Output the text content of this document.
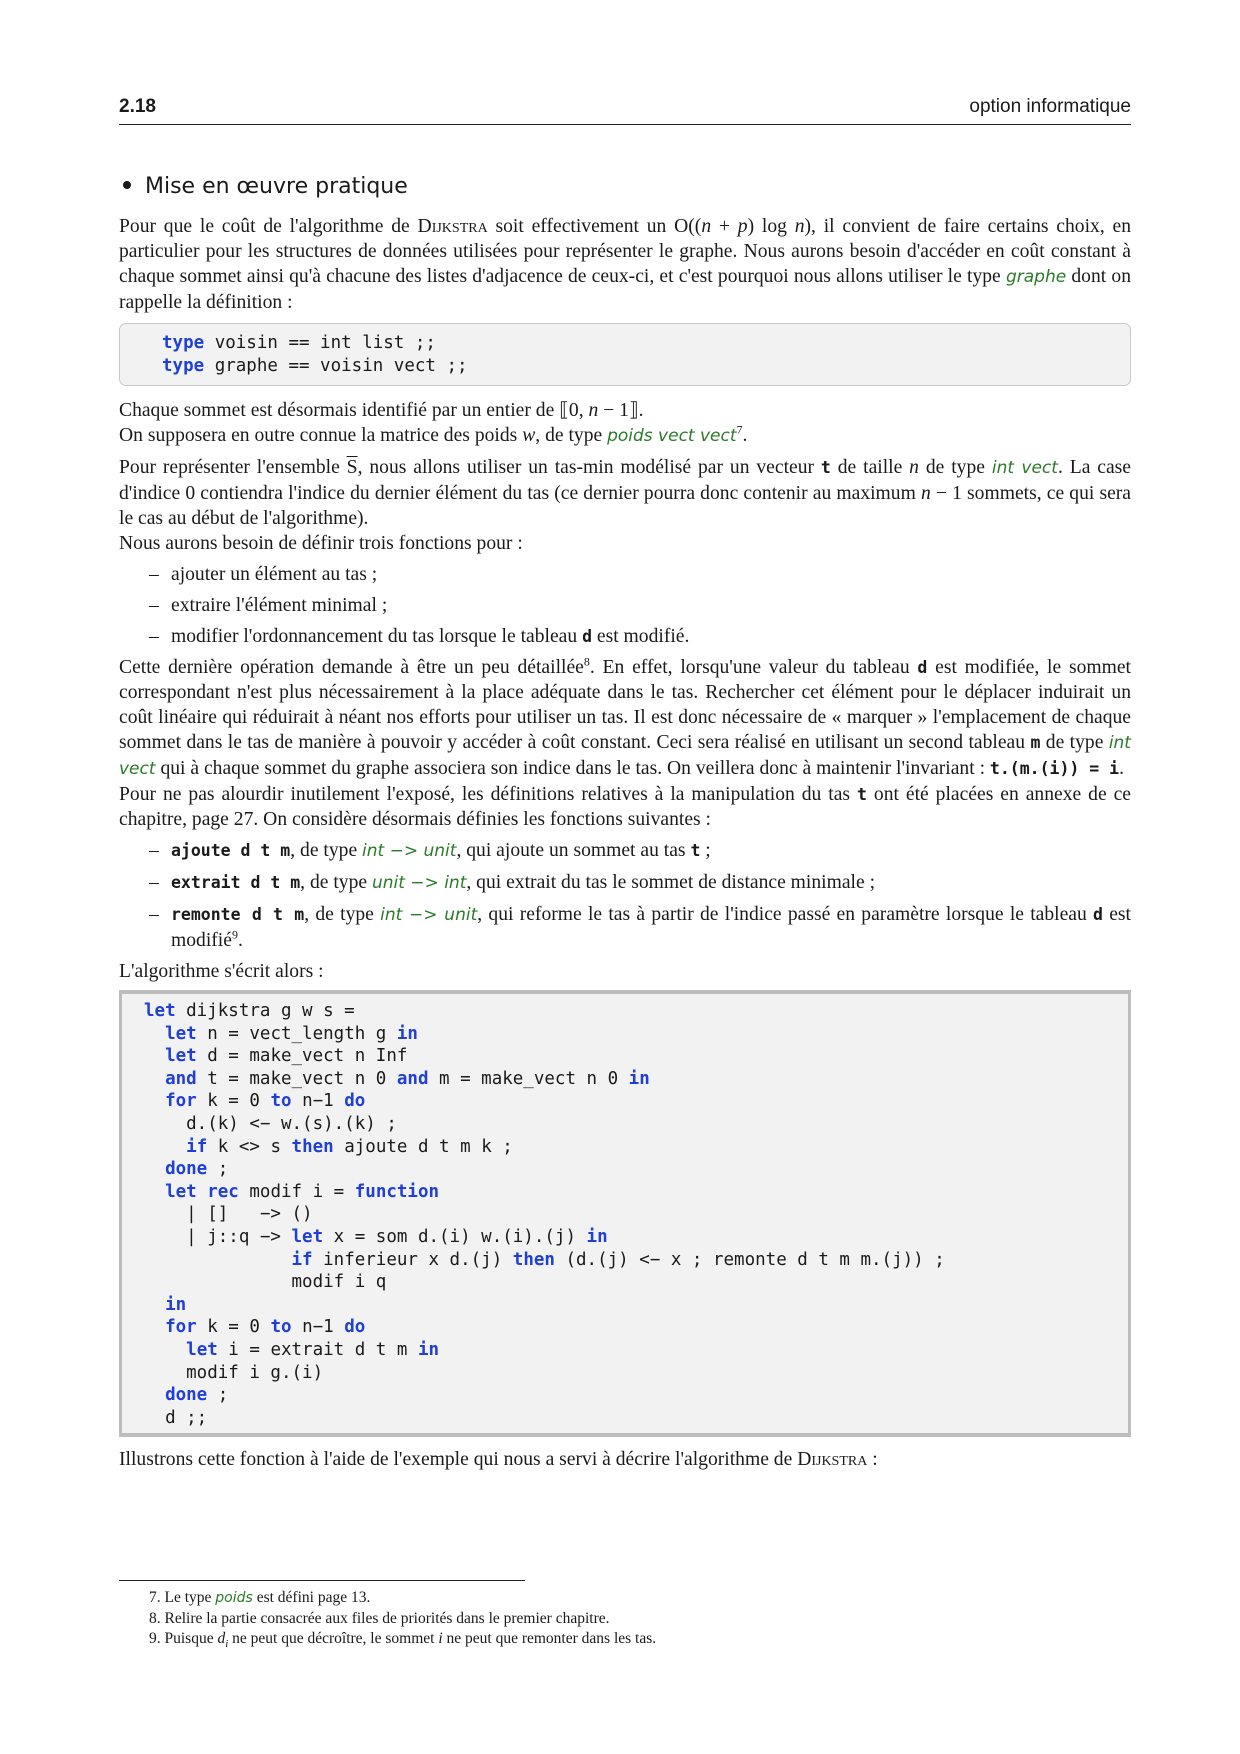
2.18	option informatique
Mise en œuvre pratique

Pour que le coût de l'algorithme de Dijkstra soit effectivement un O((n + p) log n), il convient de faire certains choix, en particulier pour les structures de données utilisées pour représenter le graphe. Nous aurons besoin d'accéder en coût constant à chaque sommet ainsi qu'à chacune des listes d'adjacence de ceux-ci, et c'est pourquoi nous allons utiliser le type graphe dont on rappelle la définition :

type voisin == int list ;;
type graphe == voisin vect ;;

Chaque sommet est désormais identifié par un entier de ⟦0, n − 1⟧.
On supposera en outre connue la matrice des poids w, de type poids vect vect$^7$.

Pour représenter l'ensemble $\overline{S}$, nous allons utiliser un tas-min modélisé par un vecteur t de taille n de type int vect. La case d'indice 0 contiendra l'indice du dernier élément du tas (ce dernier pourra donc contenir au maximum n − 1 sommets, ce qui sera le cas au début de l'algorithme).
Nous aurons besoin de définir trois fonctions pour :

– ajouter un élément au tas ;
– extraire l'élément minimal ;
– modifier l'ordonnancement du tas lorsque le tableau d est modifié.

Cette dernière opération demande à être un peu détaillée$^8$. En effet, lorsqu'une valeur du tableau d est modifiée, le sommet correspondant n'est plus nécessairement à la place adéquate dans le tas. Rechercher cet élément pour le déplacer induirait un coût linéaire qui réduirait à néant nos efforts pour utiliser un tas. Il est donc nécessaire de « marquer » l'emplacement de chaque sommet dans le tas de manière à pouvoir y accéder à coût constant. Ceci sera réalisé en utilisant un second tableau m de type int vect qui à chaque sommet du graphe associera son indice dans le tas. On veillera donc à maintenir l'invariant : t.(m.(i)) = i.
Pour ne pas alourdir inutilement l'exposé, les définitions relatives à la manipulation du tas t ont été placées en annexe de ce chapitre, page 27. On considère désormais définies les fonctions suivantes :

– ajoute d t m, de type int −> unit, qui ajoute un sommet au tas t ;
– extrait d t m, de type unit −> int, qui extrait du tas le sommet de distance minimale ;
– remonte d t m, de type int −> unit, qui reforme le tas à partir de l'indice passé en paramètre lorsque le tableau d est modifié$^9$.

L'algorithme s'écrit alors :

let dijkstra g w s =
let n = vect_length g in
let d = make_vect n Inf
and t = make_vect n 0 and m = make_vect n 0 in
for k = 0 to n−1 do
d.(k) <− w.(s).(k) ;
if k <> s then ajoute d t m k ;
done ;
let rec modif i = function
| []   −> ()
| j::q −> let x = som d.(i) w.(i).(j) in
if inferieur x d.(j) then (d.(j) <− x ; remonte d t m m.(j)) ;
modif i q
in
for k = 0 to n−1 do
let i = extrait d t m in
modif i g.(i)
done ;
d ;;

Illustrons cette fonction à l'aide de l'exemple qui nous a servi à décrire l'algorithme de Dijkstra :

7. Le type poids est défini page 13.
8. Relire la partie consacrée aux files de priorités dans le premier chapitre.
9. Puisque $d_i$ ne peut que décroître, le sommet i ne peut que remonter dans les tas.
